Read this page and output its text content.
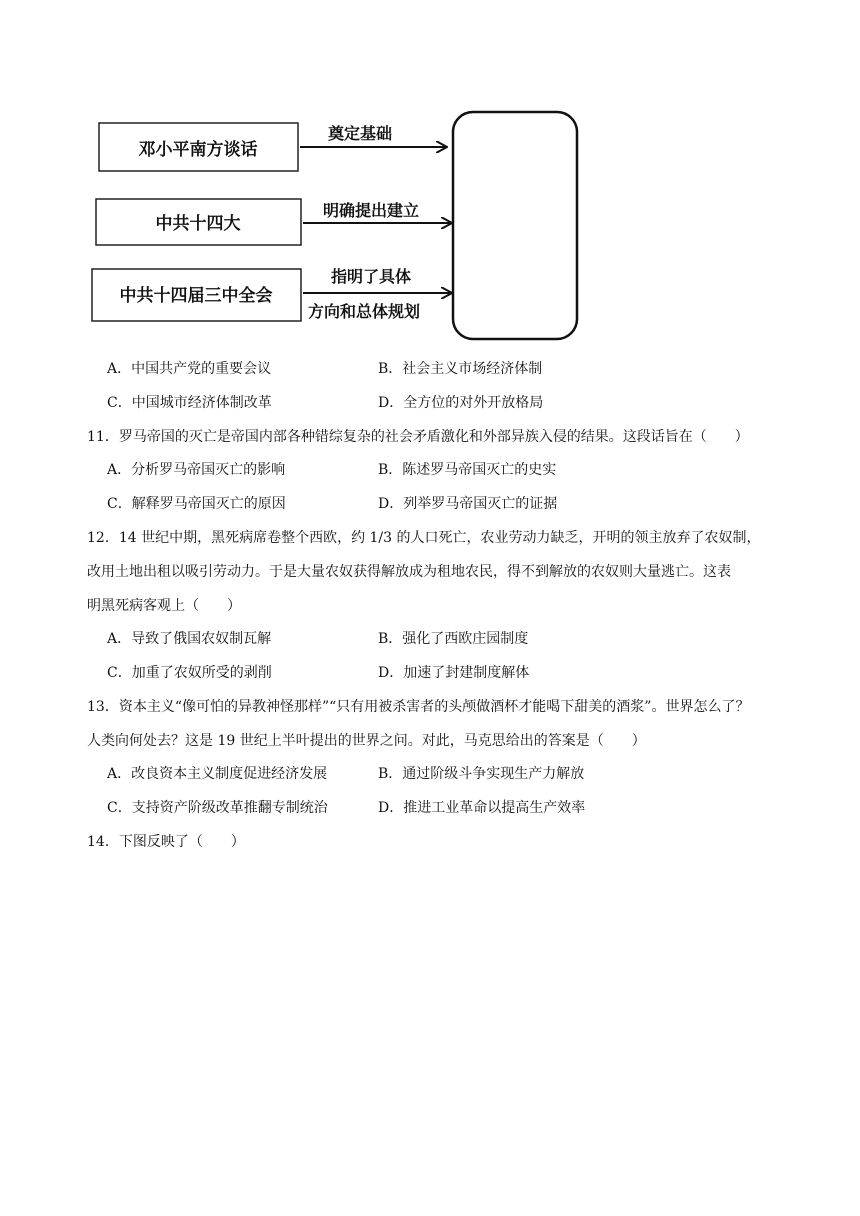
邓小平南方谈话
中共十四大
中共十四届三中全会
奠定基础
明确提出建立
指明了具体
方向和总体规划
A．中国共产党的重要会议	B．社会主义市场经济体制
C．中国城市经济体制改革	D．全方位的对外开放格局
11．罗马帝国的灭亡是帝国内部各种错综复杂的社会矛盾激化和外部异族入侵的结果。这段话旨在（　　）
A．分析罗马帝国灭亡的影响	B．陈述罗马帝国灭亡的史实
C．解释罗马帝国灭亡的原因	D．列举罗马帝国灭亡的证据
12．14 世纪中期，黑死病席卷整个西欧，约 1/3 的人口死亡，农业劳动力缺乏，开明的领主放弃了农奴制，
改用土地出租以吸引劳动力。于是大量农奴获得解放成为租地农民，得不到解放的农奴则大量逃亡。这表
明黑死病客观上（　　）
A．导致了俄国农奴制瓦解	B．强化了西欧庄园制度
C．加重了农奴所受的剥削	D．加速了封建制度解体
13．资本主义“像可怕的异教神怪那样”“只有用被杀害者的头颅做酒杯才能喝下甜美的酒浆”。世界怎么了？
人类向何处去？这是 19 世纪上半叶提出的世界之问。对此，马克思给出的答案是（　　）
A．改良资本主义制度促进经济发展	B．通过阶级斗争实现生产力解放
C．支持资产阶级改革推翻专制统治	D．推进工业革命以提高生产效率
14．下图反映了（　　）
